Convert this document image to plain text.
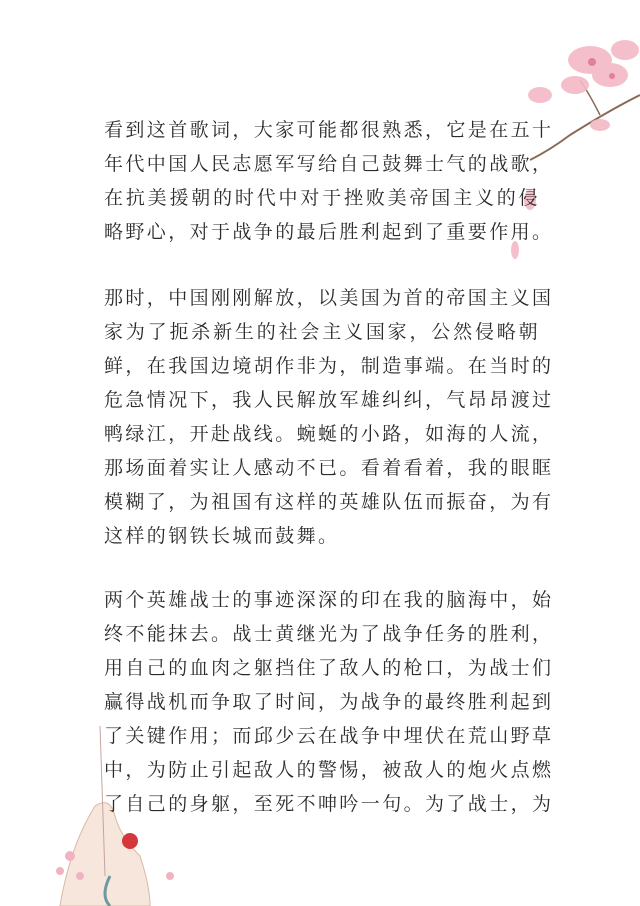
看到这首歌词，大家可能都很熟悉，它是在五十
年代中国人民志愿军写给自己鼓舞士气的战歌，
在抗美援朝的时代中对于挫败美帝国主义的侵
略野心，对于战争的最后胜利起到了重要作用。
那时，中国刚刚解放，以美国为首的帝国主义国
家为了扼杀新生的社会主义国家，公然侵略朝
鲜，在我国边境胡作非为，制造事端。在当时的
危急情况下，我人民解放军雄纠纠，气昂昂渡过
鸭绿江，开赴战线。蜿蜒的小路，如海的人流，
那场面着实让人感动不已。看着看着，我的眼眶
模糊了，为祖国有这样的英雄队伍而振奋，为有
这样的钢铁长城而鼓舞。
两个英雄战士的事迹深深的印在我的脑海中，始
终不能抹去。战士黄继光为了战争任务的胜利，
用自己的血肉之躯挡住了敌人的枪口，为战士们
赢得战机而争取了时间，为战争的最终胜利起到
了关键作用；而邱少云在战争中埋伏在荒山野草
中，为防止引起敌人的警惕，被敌人的炮火点燃
了自己的身躯，至死不呻吟一句。为了战士，为
